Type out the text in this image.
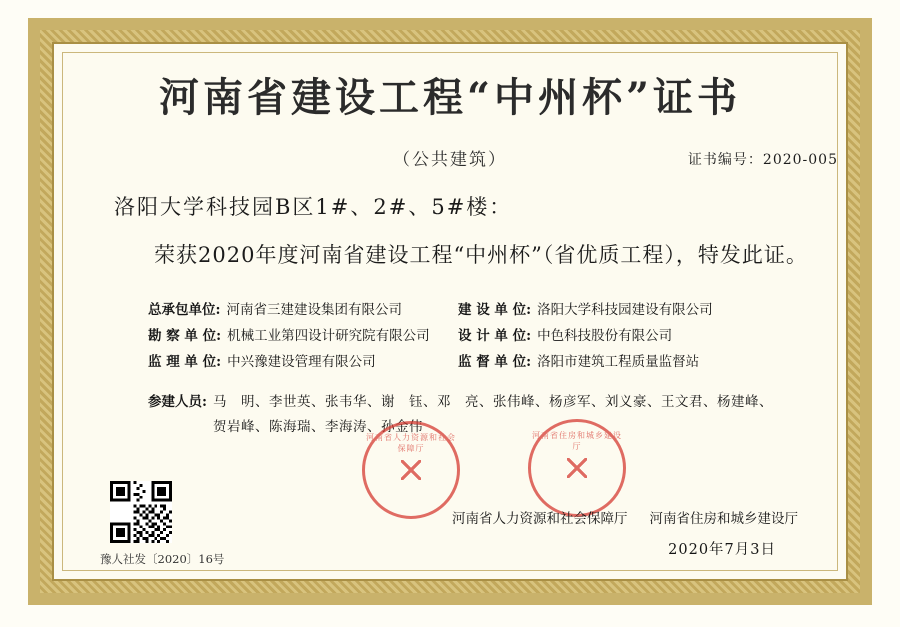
河南省建设工程“中州杯”证书
（公共建筑）	证书编号：2020-005
洛阳大学科技园B区1#、2#、5#楼：
荣获2020年度河南省建设工程“中州杯”（省优质工程），特发此证。
总承包单位: 河南省三建建设集团有限公司	建 设 单 位: 洛阳大学科技园建设有限公司
勘 察 单 位: 机械工业第四设计研究院有限公司 设 计 单 位: 中色科技股份有限公司
监 理 单 位: 中兴豫建设管理有限公司	监 督 单 位: 洛阳市建筑工程质量监督站
参建人员: 马　明、李世英、张韦华、谢　钰、邓　亮、张伟峰、杨彦军、刘义豪、王文君、杨建峰、贺岩峰、陈海瑞、李海涛、孙金伟
豫人社发〔2020〕16号
河南省人力资源和社会保障厅
河南省住房和城乡建设厅
河南省人力资源和社会保障厅 河南省住房和城乡建设厅
2020年7月3日
